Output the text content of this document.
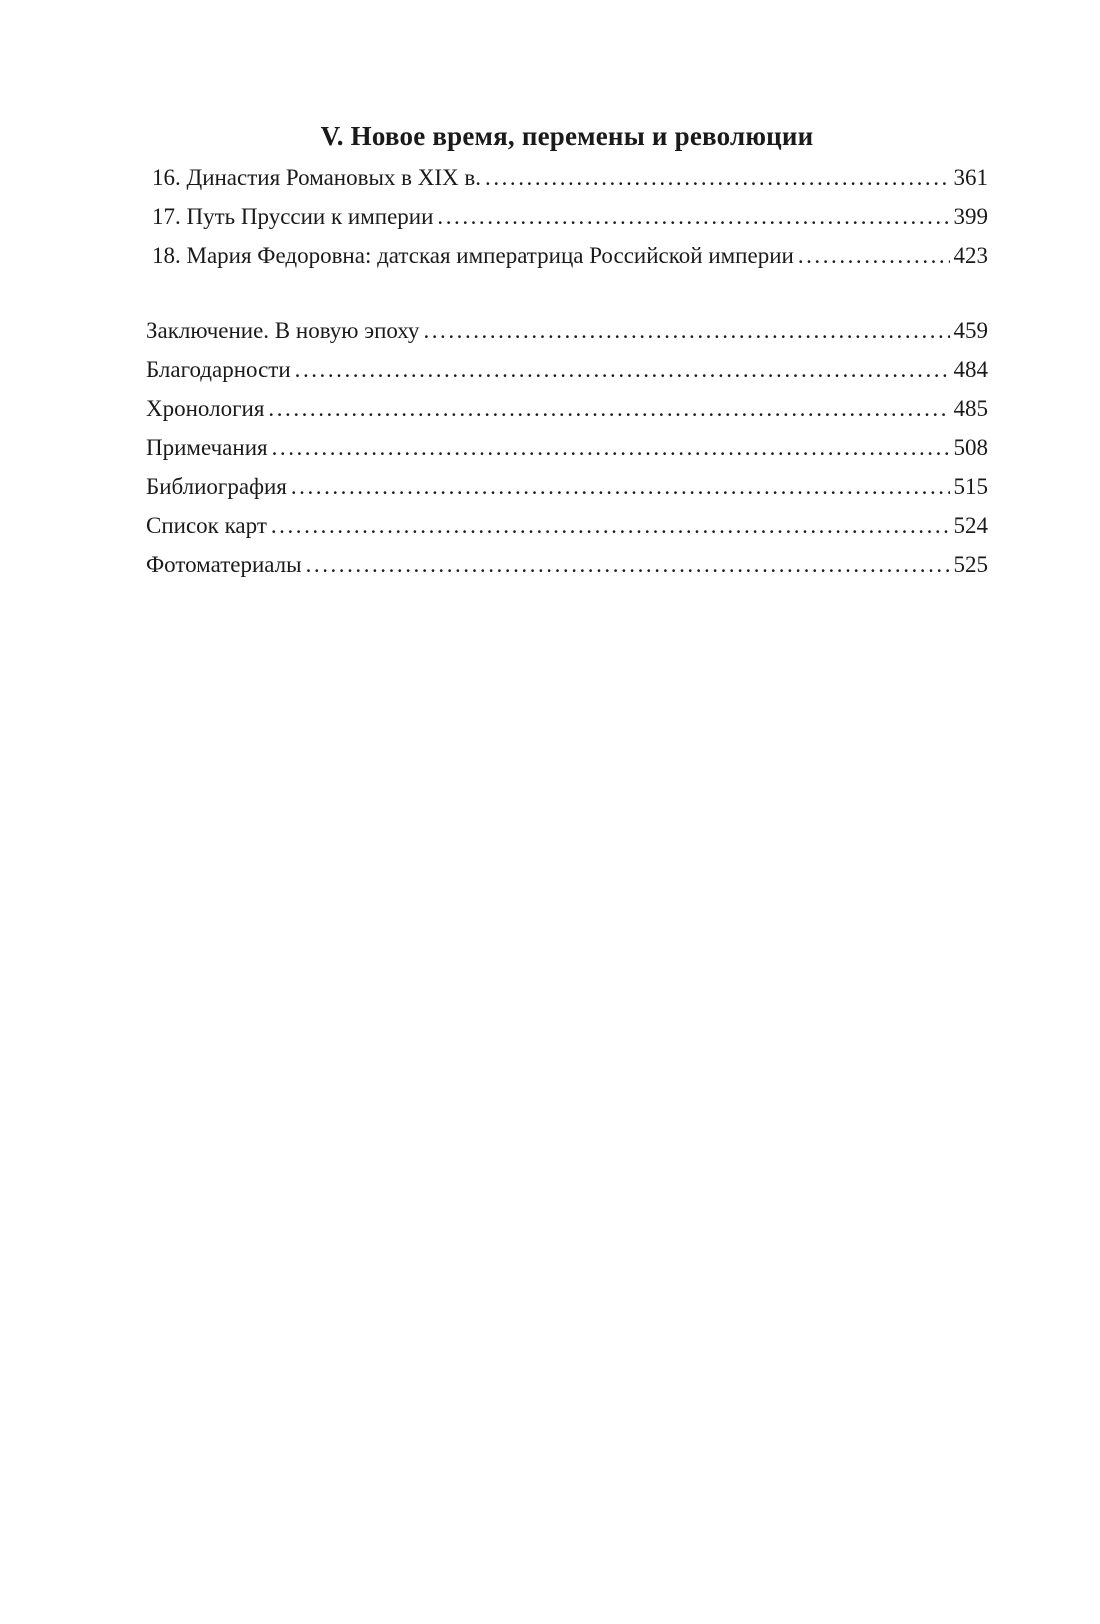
V. Новое время, перемены и революции
16. Династия Романовых в XIX в. . . .	361
17. Путь Пруссии к империи . . .	399
18. Мария Федоровна: датская императрица Российской империи . . .	423
Заключение. В новую эпоху . . .	459
Благодарности . . .	484
Хронология . . .	485
Примечания . . .	508
Библиография . . .	515
Список карт . . .	524
Фотоматериалы . . .	525
